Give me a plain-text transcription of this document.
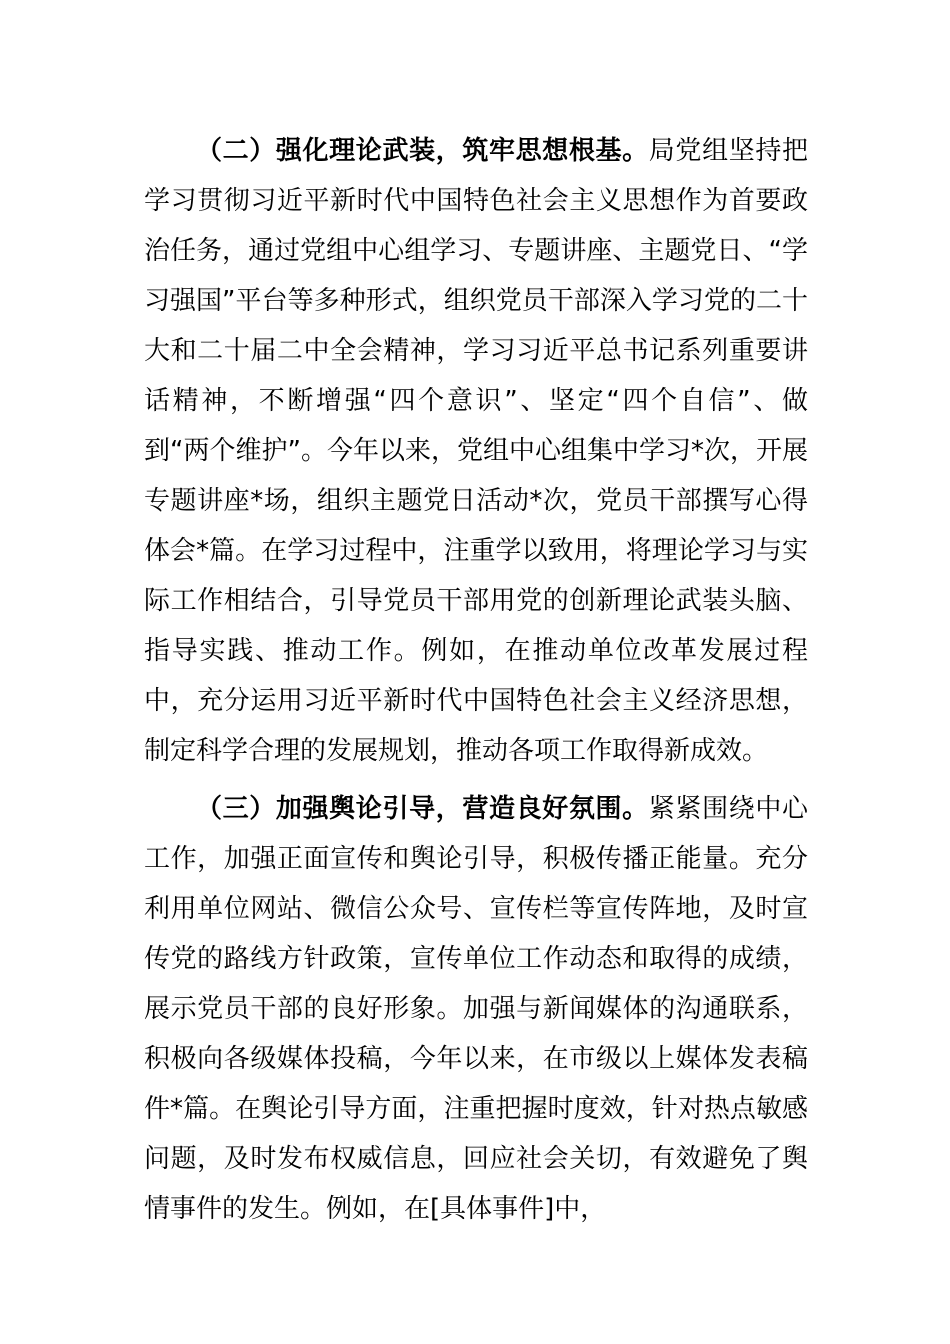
（二）强化理论武装，筑牢思想根基。局党组坚持把学习贯彻习近平新时代中国特色社会主义思想作为首要政治任务，通过党组中心组学习、专题讲座、主题党日、“学习强国”平台等多种形式，组织党员干部深入学习党的二十大和二十届二中全会精神，学习习近平总书记系列重要讲话精神，不断增强“四个意识”、坚定“四个自信”、做到“两个维护”。今年以来，党组中心组集中学习*次，开展专题讲座*场，组织主题党日活动*次，党员干部撰写心得体会*篇。在学习过程中，注重学以致用，将理论学习与实际工作相结合，引导党员干部用党的创新理论武装头脑、指导实践、推动工作。例如，在推动单位改革发展过程中，充分运用习近平新时代中国特色社会主义经济思想，制定科学合理的发展规划，推动各项工作取得新成效。

（三）加强舆论引导，营造良好氛围。紧紧围绕中心工作，加强正面宣传和舆论引导，积极传播正能量。充分利用单位网站、微信公众号、宣传栏等宣传阵地，及时宣传党的路线方针政策，宣传单位工作动态和取得的成绩，展示党员干部的良好形象。加强与新闻媒体的沟通联系，积极向各级媒体投稿，今年以来，在市级以上媒体发表稿件*篇。在舆论引导方面，注重把握时度效，针对热点敏感问题，及时发布权威信息，回应社会关切，有效避免了舆情事件的发生。例如，在[具体事件]中，
